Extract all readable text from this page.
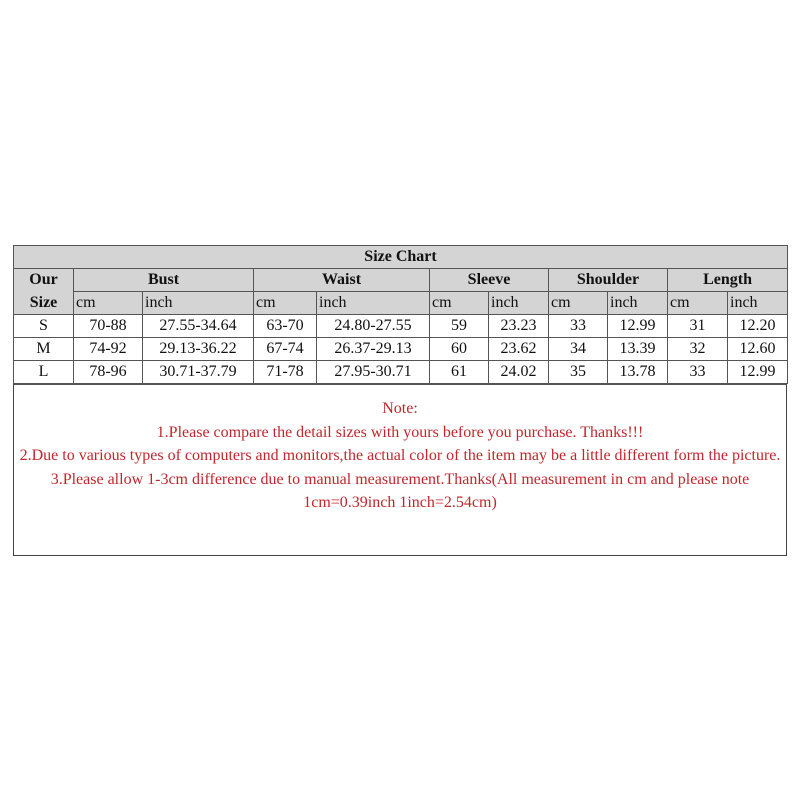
Size Chart										
Our	Bust		Waist		Sleeve		Shoulder		Length	
Size	cm	inch	cm	inch	cm	inch	cm	inch	cm	inch
S	70-88	27.55-34.64	63-70	24.80-27.55	59	23.23	33	12.99	31	12.20
M	74-92	29.13-36.22	67-74	26.37-29.13	60	23.62	34	13.39	32	12.60
L	78-96	30.71-37.79	71-78	27.95-30.71	61	24.02	35	13.78	33	12.99
Note:
1.Please compare the detail sizes with yours before you purchase. Thanks!!!
2.Due to various types of computers and monitors,the actual color of the item may be a little different form the picture.
3.Please allow 1-3cm difference due to manual measurement.Thanks(All measurement in cm and please note 1cm=0.39inch 1inch=2.54cm)
